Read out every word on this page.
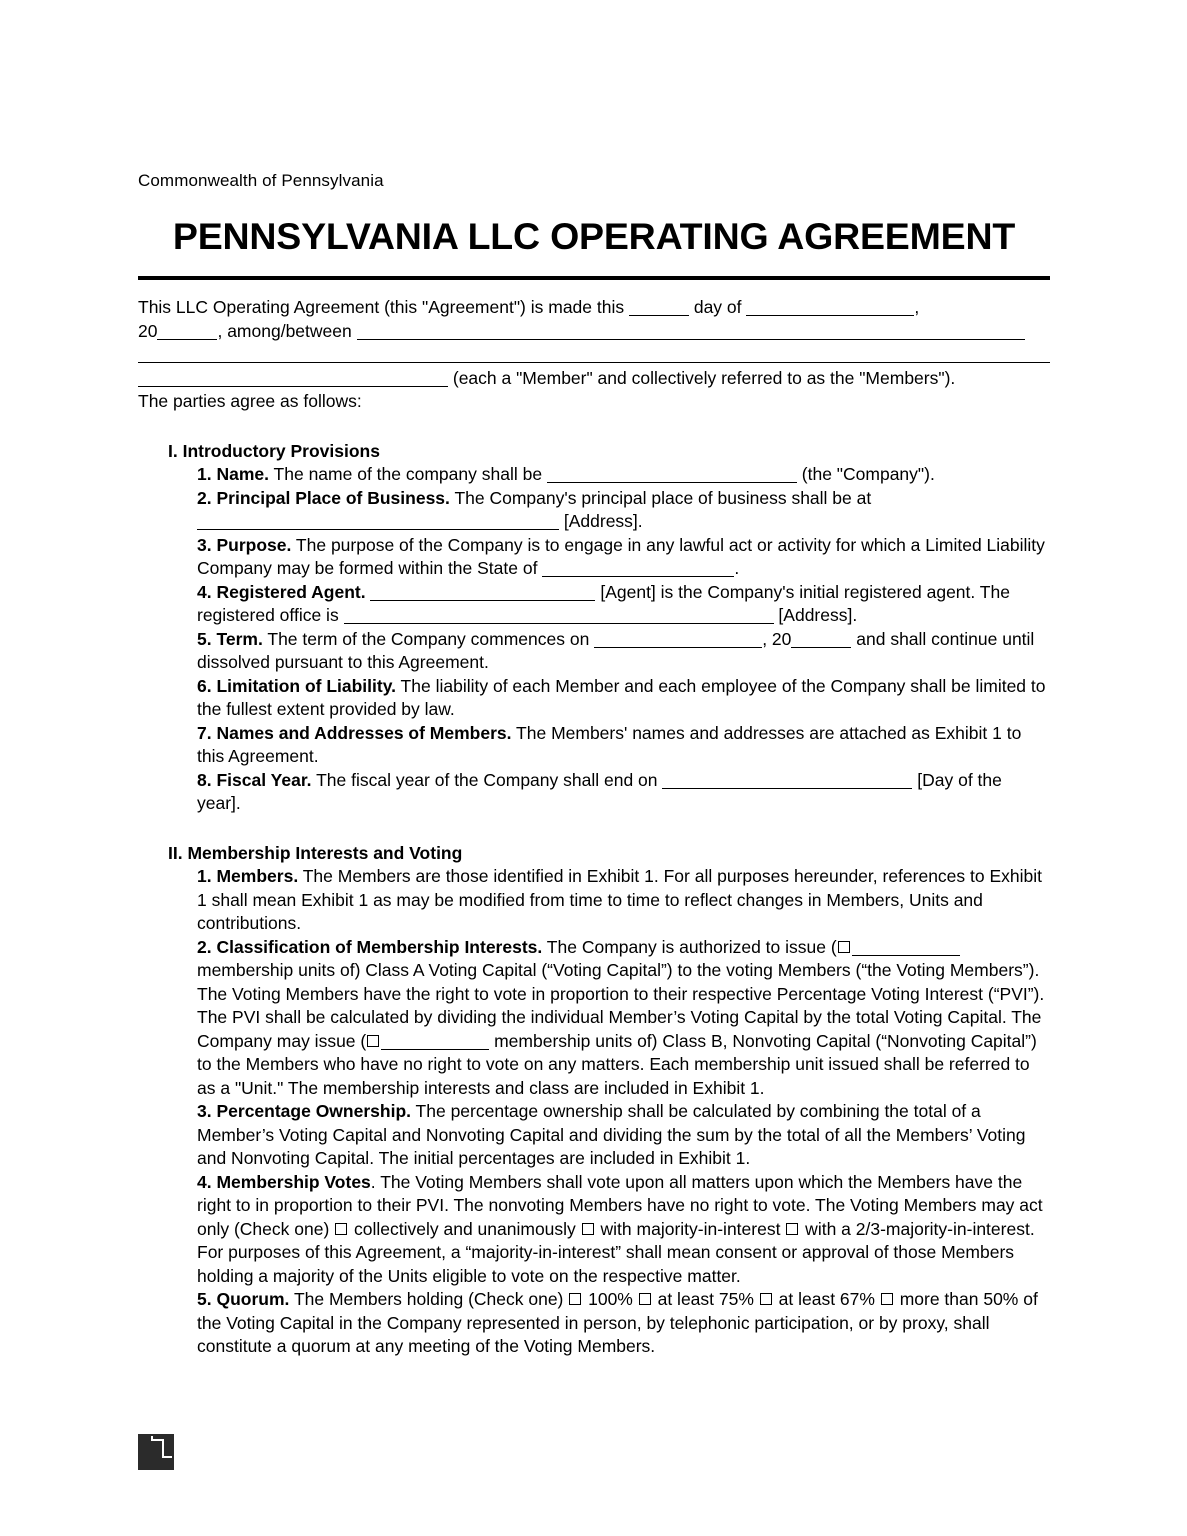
Commonwealth of Pennsylvania
PENNSYLVANIA LLC OPERATING AGREEMENT

This LLC Operating Agreement (this "Agreement") is made this	day of	,
20	, among/between

(each a "Member" and collectively referred to as the "Members").
The parties agree as follows:

I. Introductory Provisions
1. Name. The name of the company shall be	(the "Company").
2. Principal Place of Business. The Company's principal place of business shall be at  [Address].
3. Purpose. The purpose of the Company is to engage in any lawful act or activity for which a Limited Liability Company may be formed within the State of	.
4. Registered Agent.	[Agent] is the Company's initial registered agent. The registered office is	[Address].
5. Term. The term of the Company commences on	, 20	and shall continue until dissolved pursuant to this Agreement.
6. Limitation of Liability. The liability of each Member and each employee of the Company shall be limited to the fullest extent provided by law.
7. Names and Addresses of Members. The Members' names and addresses are attached as Exhibit 1 to this Agreement.
8. Fiscal Year. The fiscal year of the Company shall end on	[Day of the year].
II. Membership Interests and Voting
1. Members. The Members are those identified in Exhibit 1. For all purposes hereunder, references to Exhibit 1 shall mean Exhibit 1 as may be modified from time to time to reflect changes in Members, Units and contributions.
2. Classification of Membership Interests. The Company is authorized to issue ( membership units of) Class A Voting Capital (“Voting Capital”) to the voting Members (“the Voting Members”). The Voting Members have the right to vote in proportion to their respective Percentage Voting Interest (“PVI”). The PVI shall be calculated by dividing the individual Member’s Voting Capital by the total Voting Capital. The Company may issue (	membership units of) Class B, Nonvoting Capital (“Nonvoting Capital”) to the Members who have no right to vote on any matters. Each membership unit issued shall be referred to as a "Unit." The membership interests and class are included in Exhibit 1.
3. Percentage Ownership. The percentage ownership shall be calculated by combining the total of a Member’s Voting Capital and Nonvoting Capital and dividing the sum by the total of all the Members’ Voting and Nonvoting Capital. The initial percentages are included in Exhibit 1.
4. Membership Votes. The Voting Members shall vote upon all matters upon which the Members have the right to in proportion to their PVI. The nonvoting Members have no right to vote. The Voting Members may act only (Check one)  collectively and unanimously  with majority-in-interest  with a 2/3-majority-in-interest. For purposes of this Agreement, a “majority-in-interest” shall mean consent or approval of those Members holding a majority of the Units eligible to vote on the respective matter.
5. Quorum. The Members holding (Check one)  100%  at least 75%  at least 67%  more than 50% of the Voting Capital in the Company represented in person, by telephonic participation, or by proxy, shall constitute a quorum at any meeting of the Voting Members.
